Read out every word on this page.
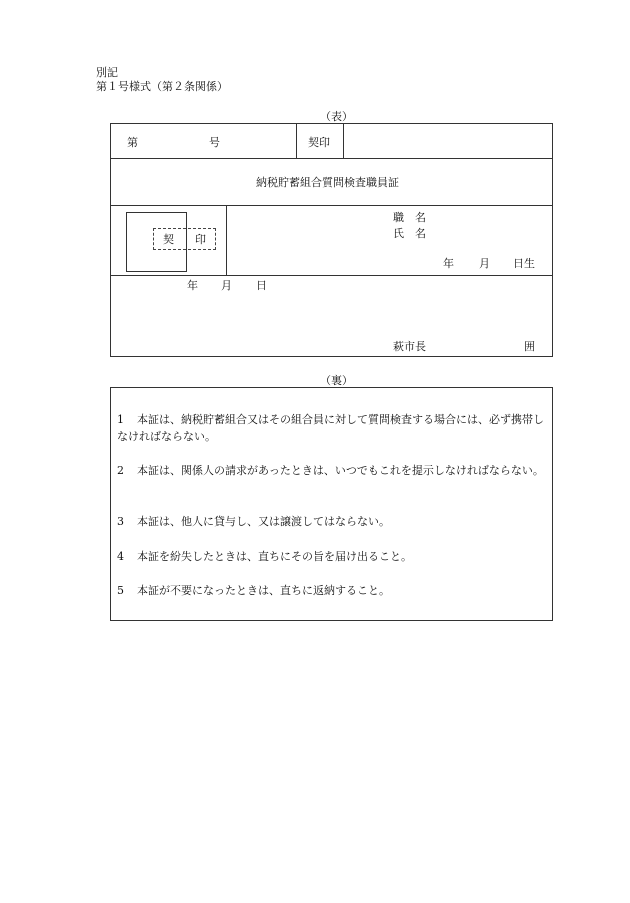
別記
第１号様式（第２条関係）
（表）
第	号	契印
納税貯蓄組合質問検査職員証
契 印
職　名
氏　名
年 月 日生
年 月 日
萩市長	囲
（裏）
1 本証は、納税貯蓄組合又はその組合員に対して質問検査する場合には、必ず携帯しなければならない。
2 本証は、関係人の請求があったときは、いつでもこれを提示しなければならない。
3 本証は、他人に貸与し、又は譲渡してはならない。
4 本証を紛失したときは、直ちにその旨を届け出ること。
5 本証が不要になったときは、直ちに返納すること。
